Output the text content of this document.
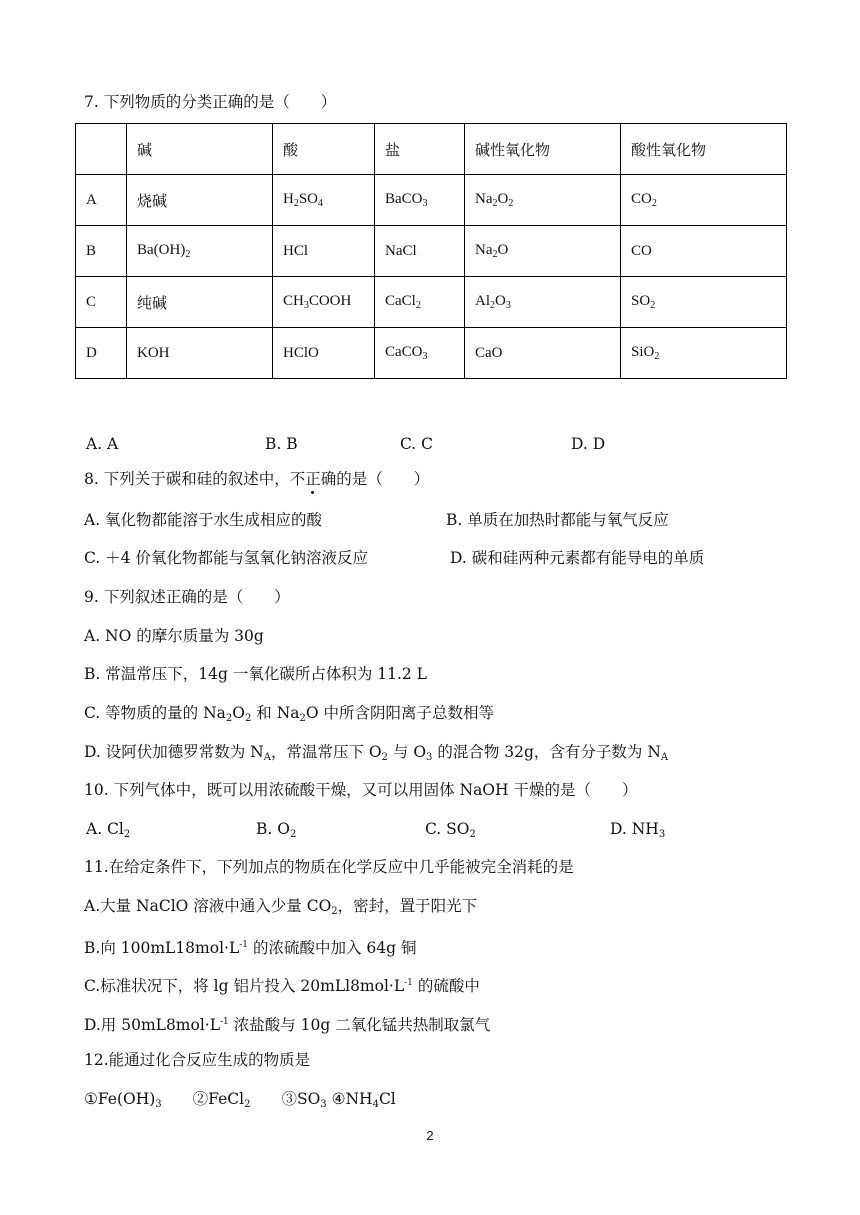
7. 下列物质的分类正确的是（　　）
	碱	酸	盐	碱性氧化物	酸性氧化物
A	烧碱	$H_2SO_4$	BaCO$_3$	$Na_2O_2$	$CO_2$
B	$Ba(OH)_2$	HCl	NaCl	$Na_2O$	CO
C	纯碱	$CH_3COOH$	CaCl$_2$	$Al_2O_3$	$SO_2$
D	KOH	HClO	CaCO$_3$	CaO	SiO$_2$
A. A	B. B	C. C	D. D
8. 下列关于碳和硅的叙述中，不正确的是（　　）
A. 氧化物都能溶于水生成相应的酸	B. 单质在加热时都能与氧气反应
C. ＋4 价氧化物都能与氢氧化钠溶液反应	D. 碳和硅两种元素都有能导电的单质
9. 下列叙述正确的是（　　）
A. NO 的摩尔质量为 30g
B. 常温常压下，14g 一氧化碳所占体积为 11.2 L
C. 等物质的量的 $Na_2O_2$ 和 $Na_2O$ 中所含阴阳离子总数相等
D. 设阿伏加德罗常数为 $N_A$，常温常压下 $O_2$ 与 $O_3$ 的混合物 32g，含有分子数为 $N_A$
10. 下列气体中，既可以用浓硫酸干燥，又可以用固体 NaOH 干燥的是（　　）
A. $Cl_2$	B. $O_2$	C. $SO_2$	D. $NH_3$
11.在给定条件下，下列加点的物质在化学反应中几乎能被完全消耗的是
A.大量 NaClO 溶液中通入少量 $CO_2$，密封，置于阳光下
B.向 $100mL18mol\cdot L^{-1}$ 的浓硫酸中加入 64g 铜
C.标准状况下，将 lg 铝片投入 $20mLl8mol\cdot L^{-1}$ 的硫酸中
D.用 $50mL8mol\cdot L^{-1}$ 浓盐酸与 10g 二氧化锰共热制取氯气
12.能通过化合反应生成的物质是
$①Fe(OH)_3$　　②FeCl$_2$　　$③SO_3$ $④NH_4Cl$
2
